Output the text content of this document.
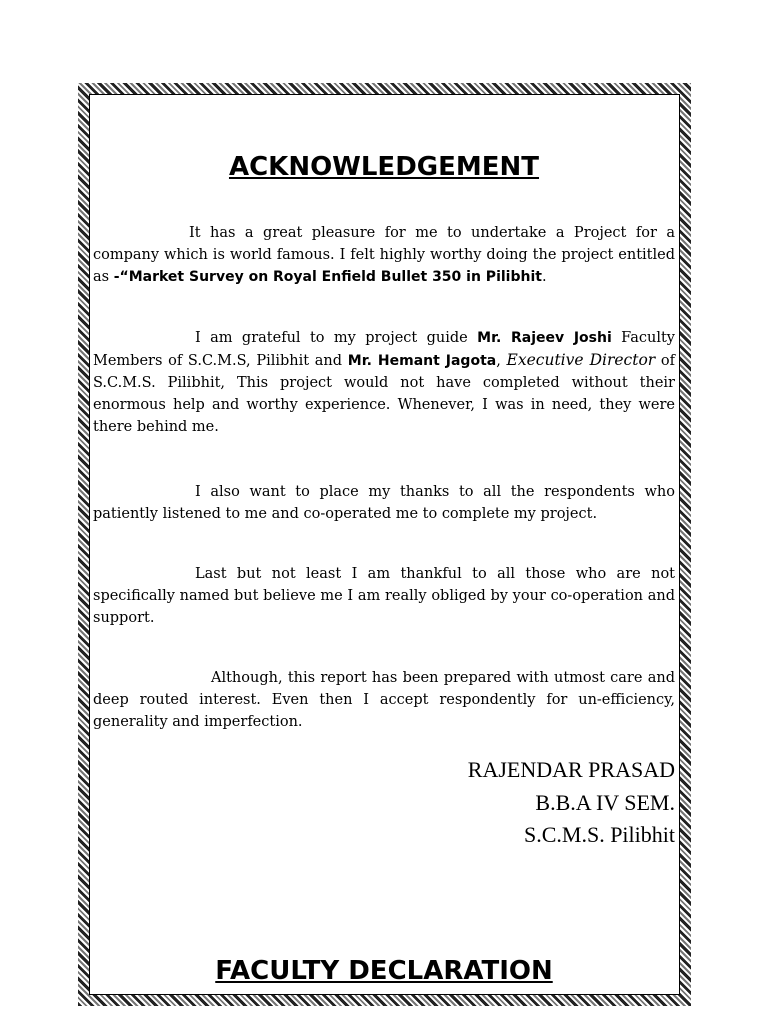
ACKNOWLEDGEMENT
It has a great pleasure for me to undertake a Project for a company which is world famous. I felt highly worthy doing the project entitled as -“Market Survey on Royal Enfield Bullet 350 in Pilibhit.
I am grateful to my project guide Mr. Rajeev Joshi Faculty Members of S.C.M.S, Pilibhit and Mr. Hemant Jagota, Executive Director of S.C.M.S. Pilibhit, This project would not have completed without their enormous help and worthy experience. Whenever, I was in need, they were there behind me.
I also want to place my thanks to all the respondents who patiently listened to me and co-operated me to complete my project.
Last but not least I am thankful to all those who are not specifically named but believe me I am really obliged by your co-operation and support.
Although, this report has been prepared with utmost care and deep routed interest. Even then I accept respondently for un-efficiency, generality and imperfection.
RAJENDAR PRASAD
B.B.A IV SEM.
S.C.M.S. Pilibhit
FACULTY DECLARATION
